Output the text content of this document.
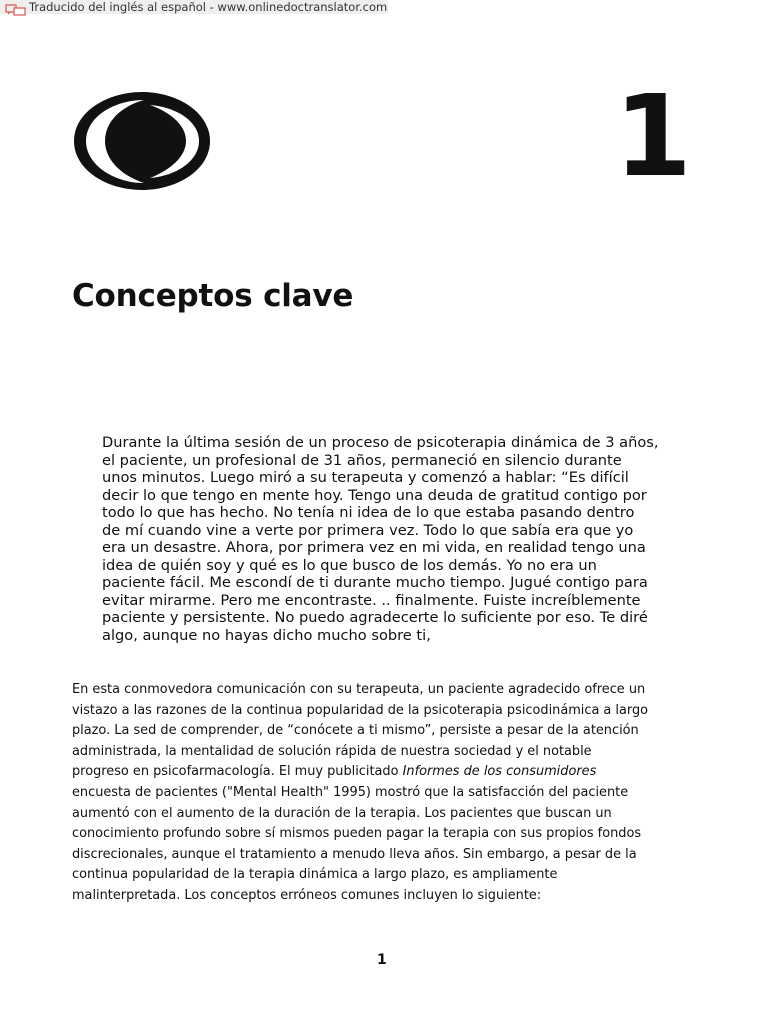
Traducido del inglés al español - www.onlinedoctranslator.com
1
Conceptos clave
Durante la última sesión de un proceso de psicoterapia dinámica de 3 años,
el paciente, un profesional de 31 años, permaneció en silencio durante
unos minutos. Luego miró a su terapeuta y comenzó a hablar: “Es difícil
decir lo que tengo en mente hoy. Tengo una deuda de gratitud contigo por
todo lo que has hecho. No tenía ni idea de lo que estaba pasando dentro
de mí cuando vine a verte por primera vez. Todo lo que sabía era que yo
era un desastre. Ahora, por primera vez en mi vida, en realidad tengo una
idea de quién soy y qué es lo que busco de los demás. Yo no era un
paciente fácil. Me escondí de ti durante mucho tiempo. Jugué contigo para
evitar mirarme. Pero me encontraste. .. finalmente. Fuiste increíblemente
paciente y persistente. No puedo agradecerte lo suficiente por eso. Te diré
algo, aunque no hayas dicho mucho sobre ti,
En esta conmovedora comunicación con su terapeuta, un paciente agradecido ofrece un
vistazo a las razones de la continua popularidad de la psicoterapia psicodinámica a largo
plazo. La sed de comprender, de “conócete a ti mismo”, persiste a pesar de la atención
administrada, la mentalidad de solución rápida de nuestra sociedad y el notable
progreso en psicofarmacología. El muy publicitado Informes de los consumidores
encuesta de pacientes ("Mental Health" 1995) mostró que la satisfacción del paciente
aumentó con el aumento de la duración de la terapia. Los pacientes que buscan un
conocimiento profundo sobre sí mismos pueden pagar la terapia con sus propios fondos
discrecionales, aunque el tratamiento a menudo lleva años. Sin embargo, a pesar de la
continua popularidad de la terapia dinámica a largo plazo, es ampliamente
malinterpretada. Los conceptos erróneos comunes incluyen lo siguiente:
1
